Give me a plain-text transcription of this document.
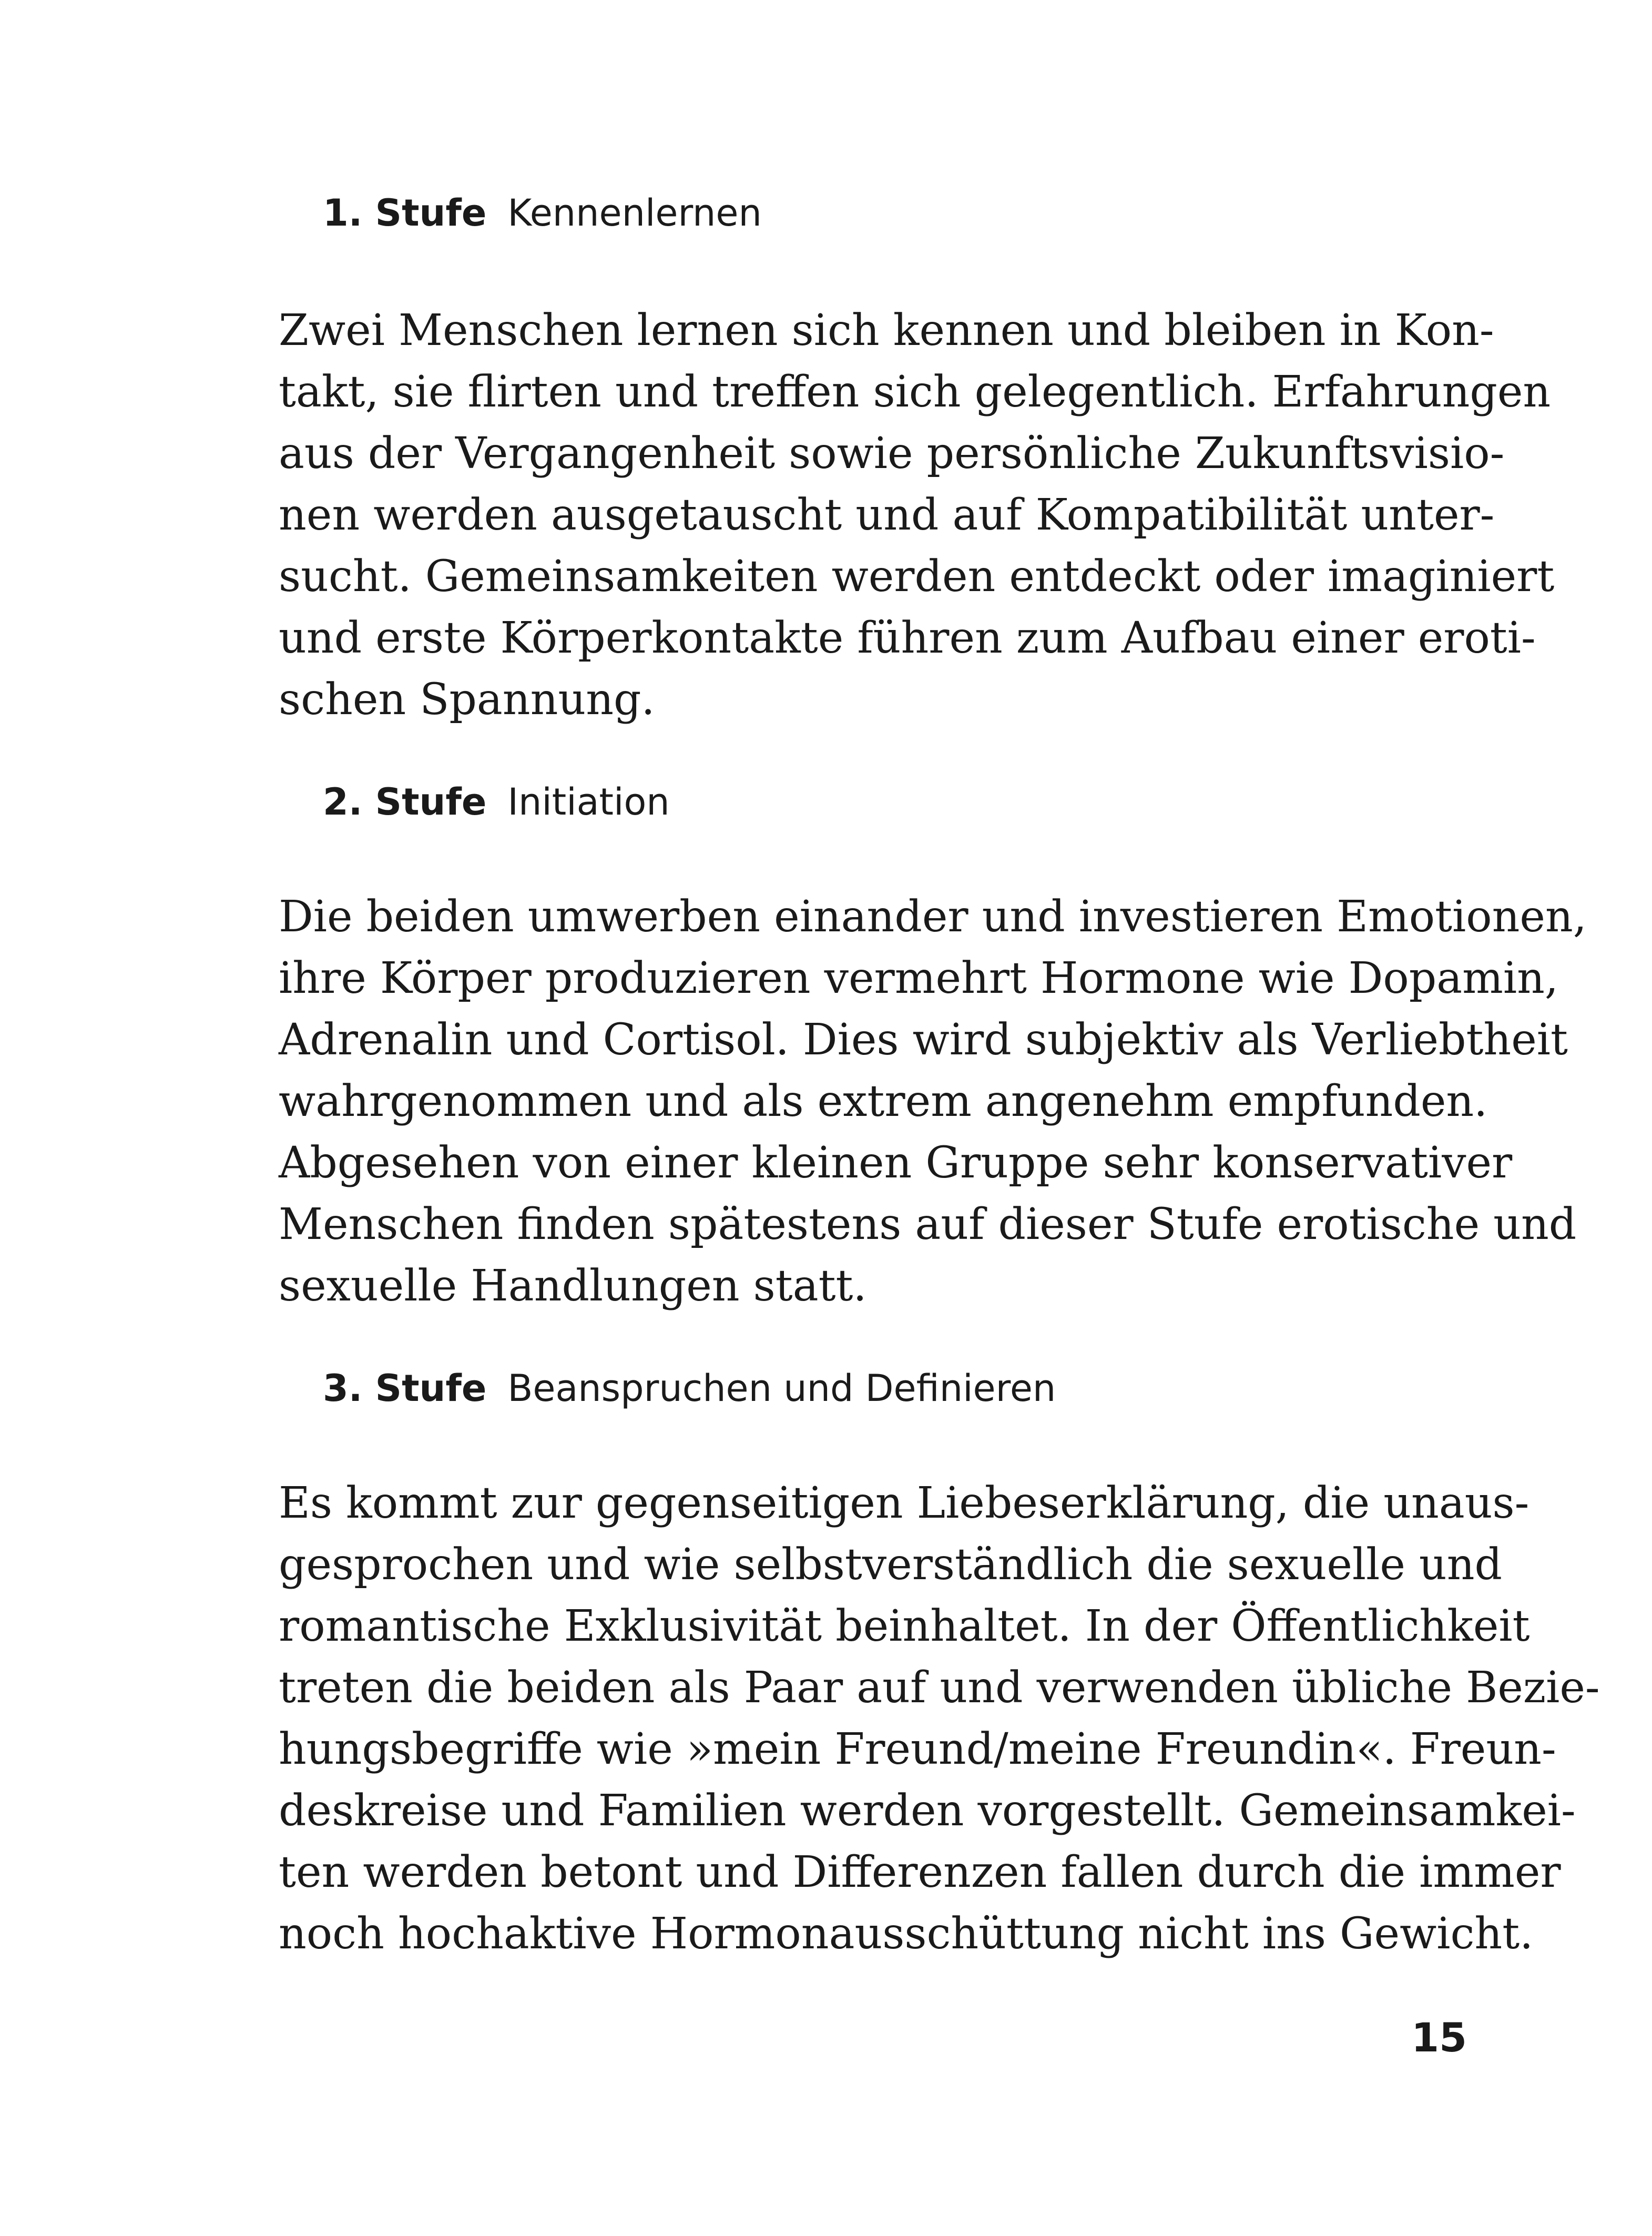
1. Stufe Kennenlernen

Zwei Menschen lernen sich kennen und bleiben in Kon-
takt, sie flirten und treffen sich gelegentlich. Erfahrungen
aus der Vergangenheit sowie persönliche Zukunftsvisio-
nen werden ausgetauscht und auf Kompatibilität unter-
sucht. Gemeinsamkeiten werden entdeckt oder imaginiert
und erste Körperkontakte führen zum Aufbau einer eroti-
schen Spannung.

2. Stufe Initiation

Die beiden umwerben einander und investieren Emotionen,
ihre Körper produzieren vermehrt Hormone wie Dopamin,
Adrenalin und Cortisol. Dies wird subjektiv als Verliebtheit
wahrgenommen und als extrem angenehm empfunden.
Abgesehen von einer kleinen Gruppe sehr konservativer
Menschen finden spätestens auf dieser Stufe erotische und
sexuelle Handlungen statt.

3. Stufe Beanspruchen und Definieren

Es kommt zur gegenseitigen Liebeserklärung, die unaus-
gesprochen und wie selbstverständlich die sexuelle und
romantische Exklusivität beinhaltet. In der Öffentlichkeit
treten die beiden als Paar auf und verwenden übliche Bezie-
hungsbegriffe wie »mein Freund/meine Freundin«. Freun-
deskreise und Familien werden vorgestellt. Gemeinsamkei-
ten werden betont und Differenzen fallen durch die immer
noch hochaktive Hormonausschüttung nicht ins Gewicht.

15
